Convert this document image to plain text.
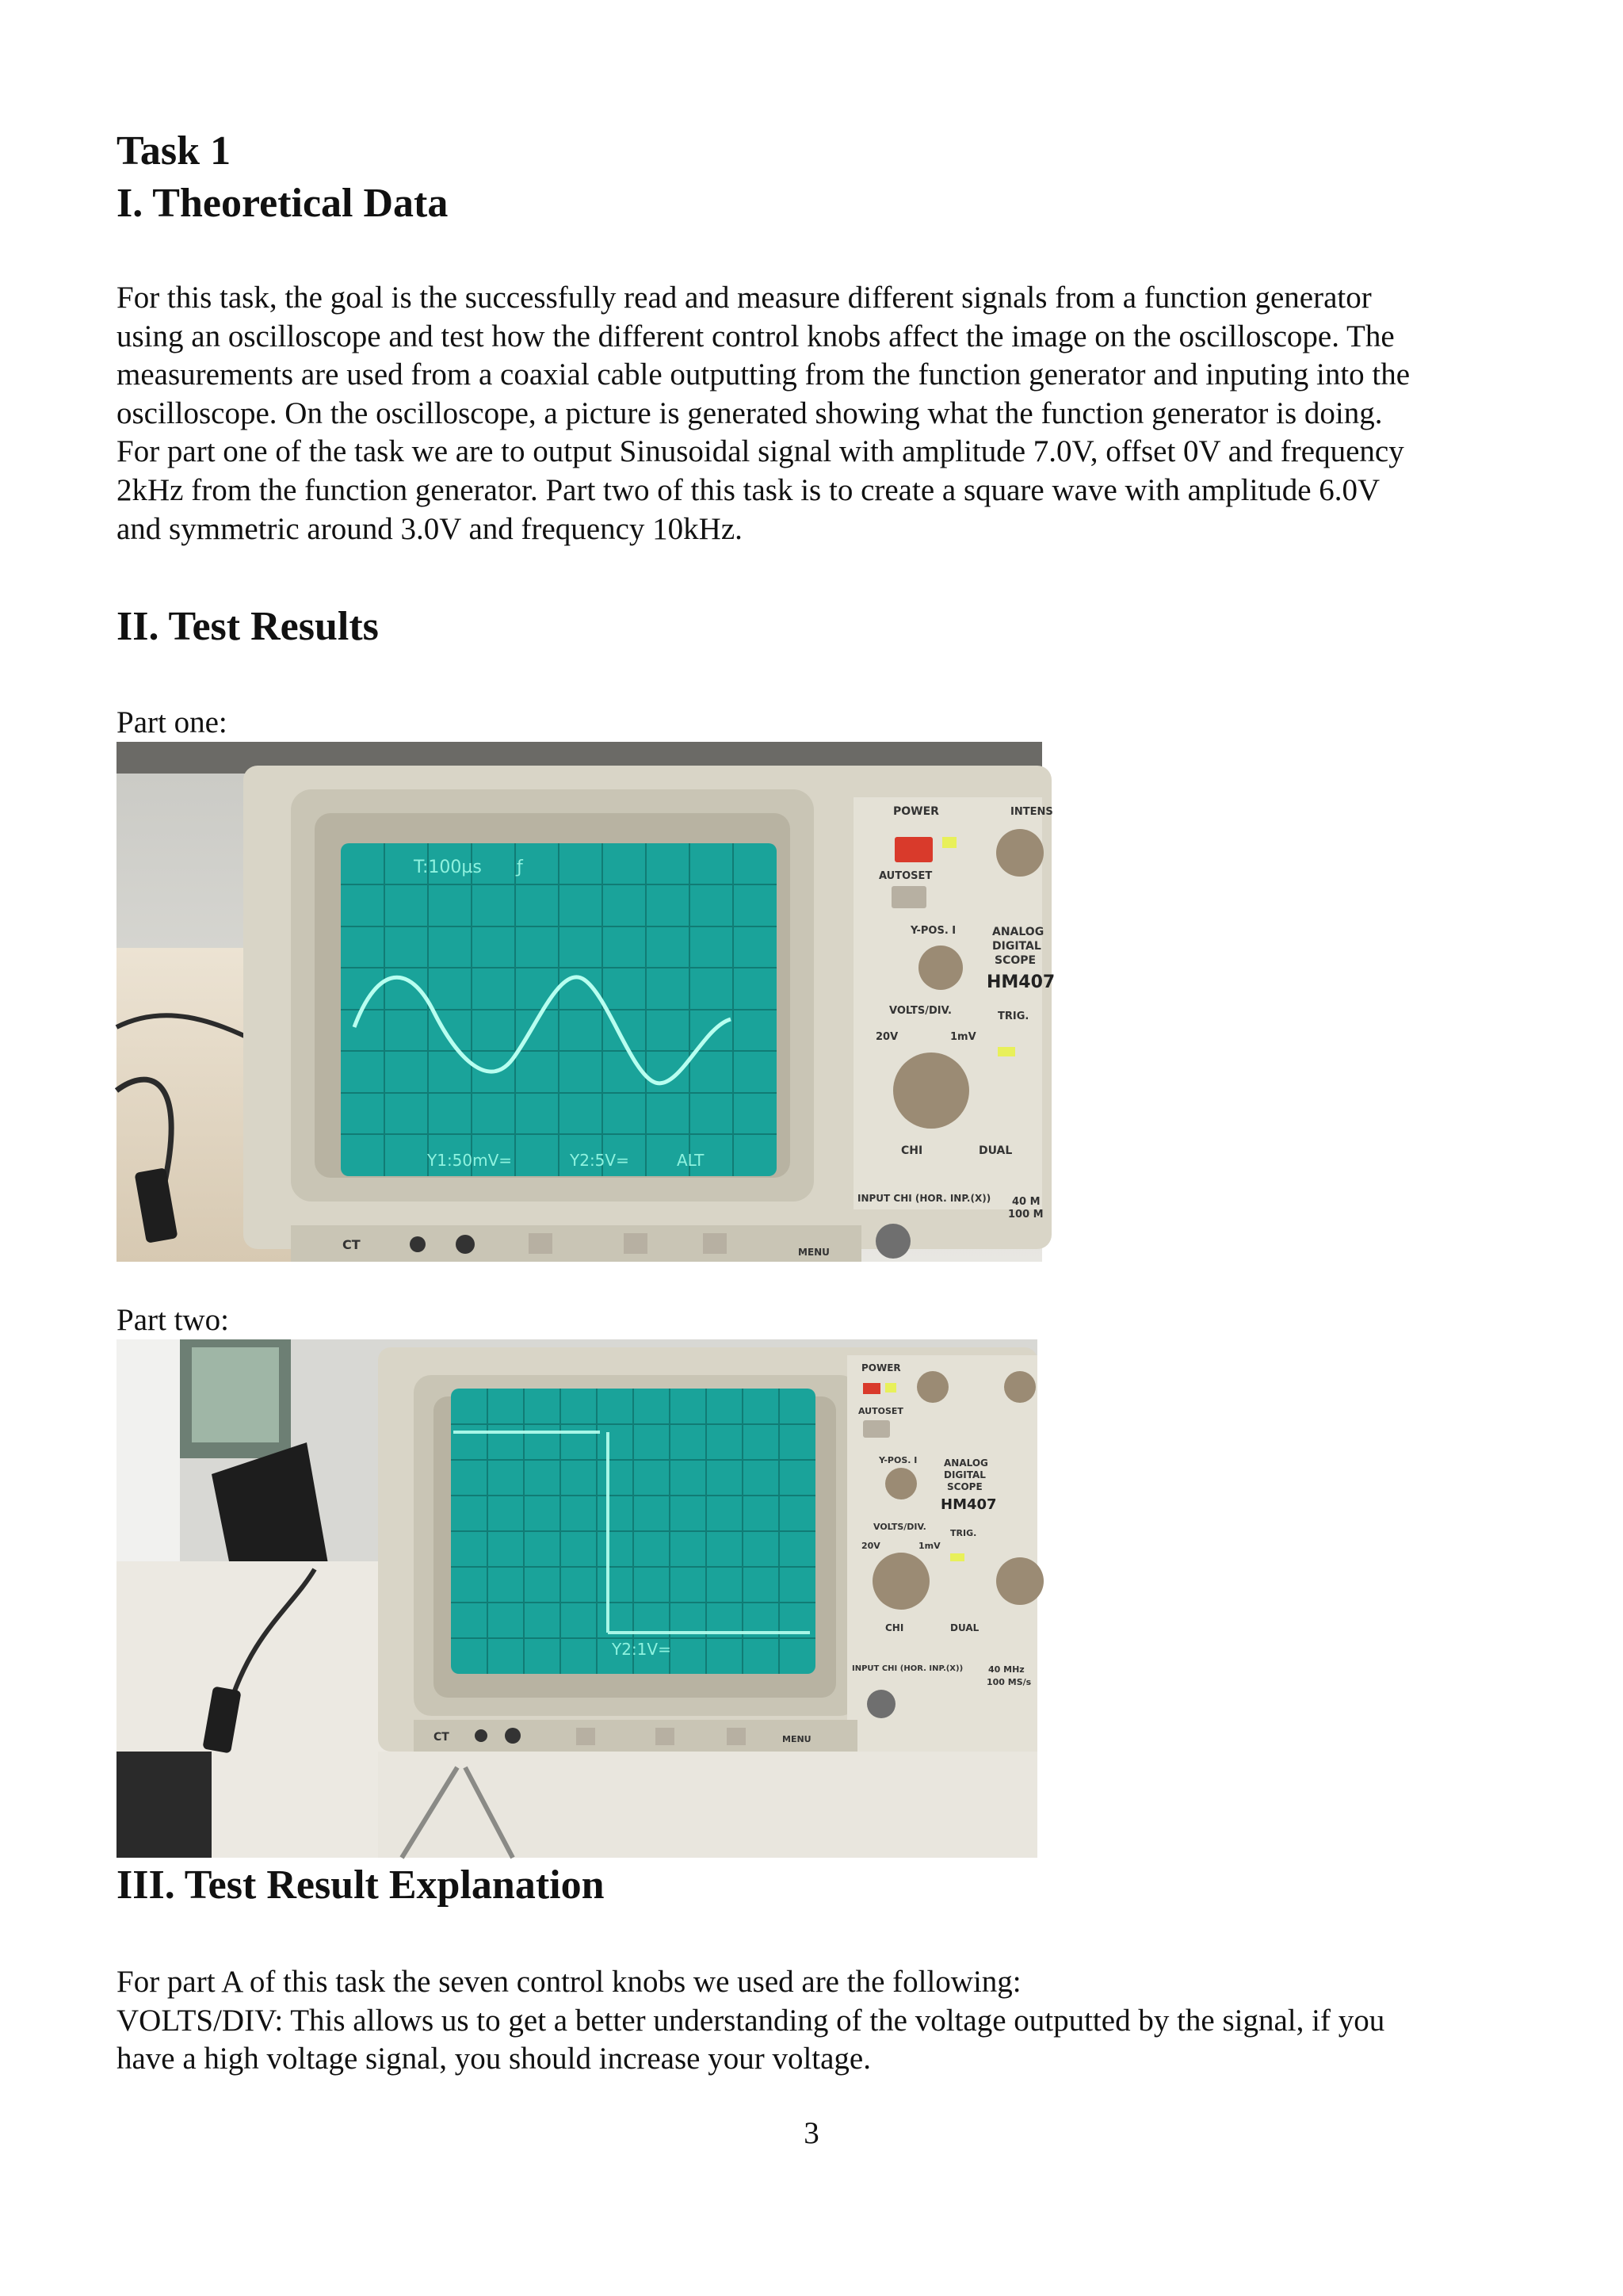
Task 1
I. Theoretical Data

For this task, the goal is the successfully read and measure different signals from a function generator
using an oscilloscope and test how the different control knobs affect the image on the oscilloscope. The
measurements are used from a coaxial cable outputting from the function generator and inputing into the
oscilloscope. On the oscilloscope, a picture is generated showing what the function generator is doing.
For part one of the task we are to output Sinusoidal signal with amplitude 7.0V, offset 0V and frequency
2kHz from the function generator. Part two of this task is to create a square wave with amplitude 6.0V
and symmetric around 3.0V and frequency 10kHz.

II. Test Results

Part one:

T:100µs ƒ
Y1:50mV=	Y2:5V=	ALT
POWER	INTENS
AUTOSET
Y-POS. I	ANALOG
DIGITAL
SCOPE
HM407
VOLTS/DIV.
20V	1mV
TRIG.
CHI	DUAL
INPUT CHI (HOR. INP.(X)) 40 M
100 M
CT	MENU

Part two:

Y2:1V=
POWER
AUTOSET
Y-POS. I	ANALOG
DIGITAL
SCOPE
HM407
VOLTS/DIV.
20V	1mV
TRIG.
CHI	DUAL
INPUT CHI (HOR. INP.(X))	40 MHz
100 MS/s
CT	MENU
III. Test Result Explanation

For part A of this task the seven control knobs we used are the following:
VOLTS/DIV: This allows us to get a better understanding of the voltage outputted by the signal, if you
have a high voltage signal, you should increase your voltage.

3
